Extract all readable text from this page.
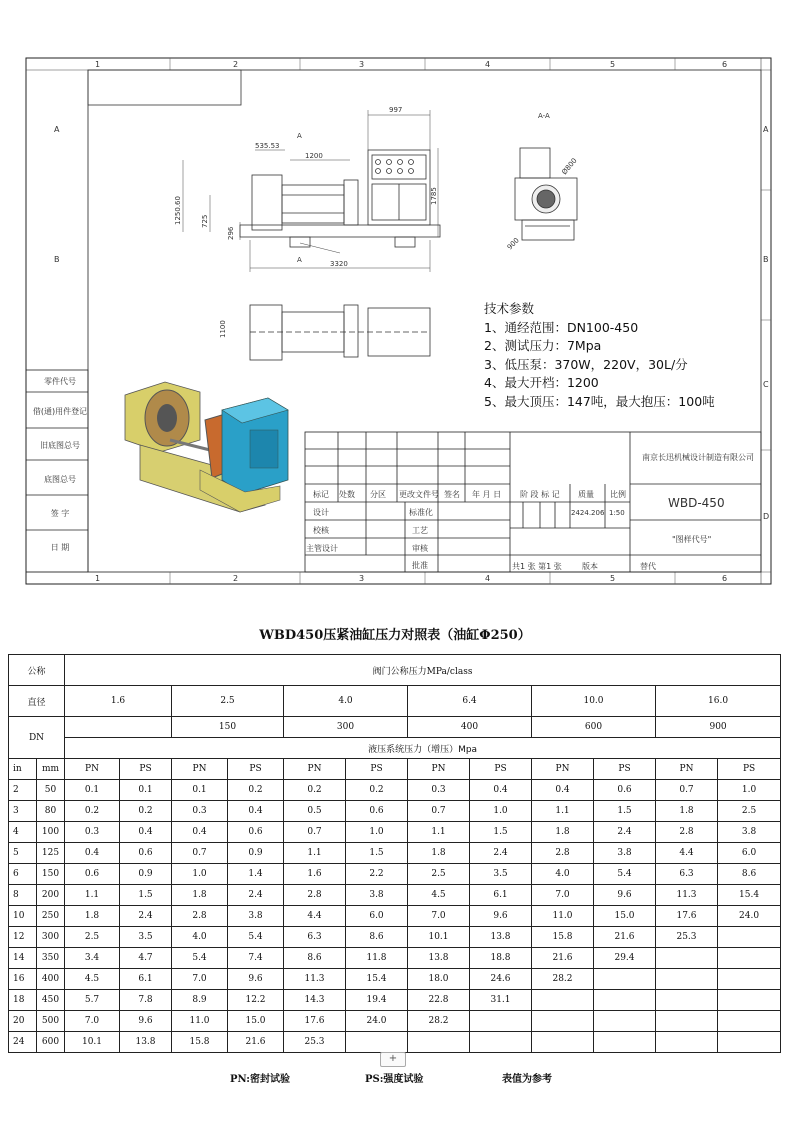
997
535.53
1200
1250.60	725
296
1785
3320
1100
900
Ø800
A
A
A-A
1	2	3	4	5	6
1	2	3	4	5	6
A
B
A
B
C
D
技术参数
1、通经范围：DN100-450
2、测试压力：7Mpa
3、低压泵：370W，220V，30L/分
4、最大开档：1200
5、最大顶压：147吨，最大抱压：100吨
零件代号
借(通)用件登记
旧底图总号
底图总号
签 字
日 期
南京长迅机械设计制造有限公司
WBD-450
"图样代号"
标记 处数 分区 更改文件号 签名 年 月 日
设计
校核
主管设计
标准化
工艺
审核
批准
阶 段 标 记 质量 比例
2424.206 1:50
共1 张 第1 张	版本	替代
WBD450压紧油缸压力对照表（油缸Φ250）
公称		阀门公称压力MPa/class											
直径		1.6		2.5		4.0		6.4		10.0		16.0	
DN				150		300		400		600		900	
		液压系统压力（增压）Mpa											
in	mm	PN	PS	PN	PS	PN	PS	PN	PS	PN	PS	PN	PS
2	50	0.1	0.1	0.1	0.2	0.2	0.2	0.3	0.4	0.4	0.6	0.7	1.0
3	80	0.2	0.2	0.3	0.4	0.5	0.6	0.7	1.0	1.1	1.5	1.8	2.5
4	100	0.3	0.4	0.4	0.6	0.7	1.0	1.1	1.5	1.8	2.4	2.8	3.8
5	125	0.4	0.6	0.7	0.9	1.1	1.5	1.8	2.4	2.8	3.8	4.4	6.0
6	150	0.6	0.9	1.0	1.4	1.6	2.2	2.5	3.5	4.0	5.4	6.3	8.6
8	200	1.1	1.5	1.8	2.4	2.8	3.8	4.5	6.1	7.0	9.6	11.3	15.4
10	250	1.8	2.4	2.8	3.8	4.4	6.0	7.0	9.6	11.0	15.0	17.6	24.0
12	300	2.5	3.5	4.0	5.4	6.3	8.6	10.1	13.8	15.8	21.6	25.3	
14	350	3.4	4.7	5.4	7.4	8.6	11.8	13.8	18.8	21.6	29.4		
16	400	4.5	6.1	7.0	9.6	11.3	15.4	18.0	24.6	28.2			
18	450	5.7	7.8	8.9	12.2	14.3	19.4	22.8	31.1				
20	500	7.0	9.6	11.0	15.0	17.6	24.0	28.2					
24	600	10.1	13.8	15.8	21.6	25.3							
+
PN:密封试验	PS:强度试验	表值为参考
